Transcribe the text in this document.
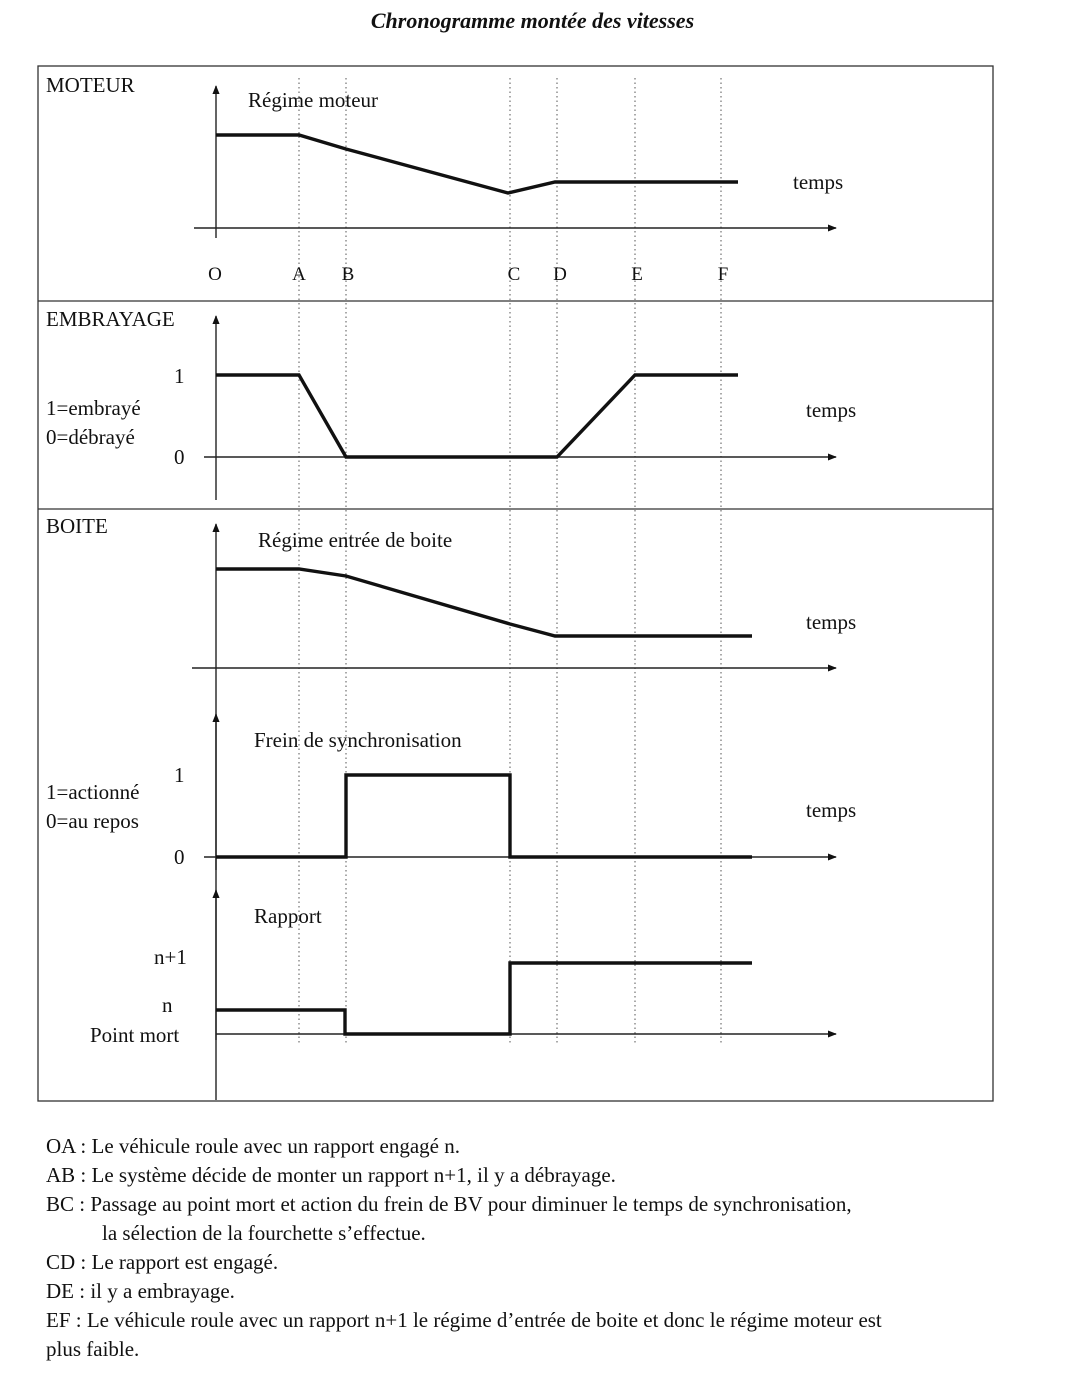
Chronogramme montée des vitesses
O	A B	C D	E	F
MOTEUR
Régime moteur
temps
EMBRAYAGE
1
0
1=embrayé
0=débrayé
temps
BOITE
Régime entrée de boite
temps
Frein de synchronisation
1
0
1=actionné
0=au repos	temps
Rapport
n+1
n
Point mort
OA : Le véhicule roule avec un rapport engagé n.
AB : Le système décide de monter un rapport n+1, il y a débrayage.
BC : Passage au point mort et action du frein de BV pour diminuer le temps de synchronisation,
la sélection de la fourchette s’effectue.
CD : Le rapport est engagé.
DE : il y a embrayage.
EF : Le véhicule roule avec un rapport n+1 le régime d’entrée de boite et donc le régime moteur est
plus faible.
